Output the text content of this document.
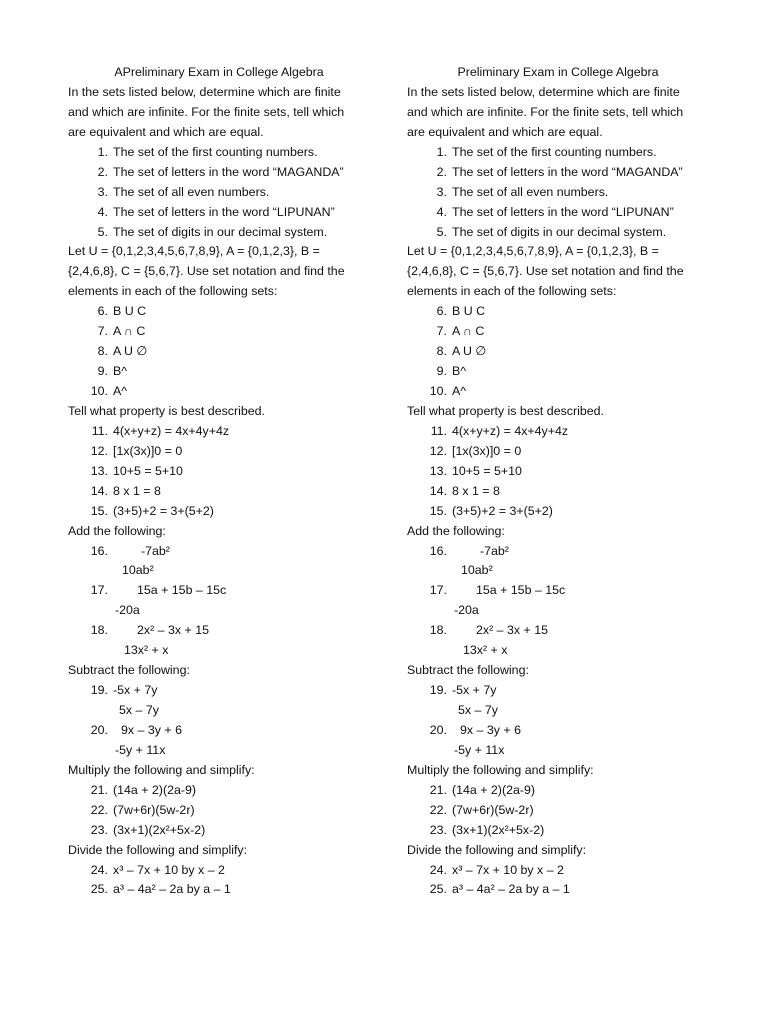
APreliminary Exam in College Algebra
In the sets listed below, determine which are finite
and which are infinite. For the finite sets, tell which
are equivalent and which are equal.
1. The set of the first counting numbers.
2. The set of letters in the word “MAGANDA”
3. The set of all even numbers.
4. The set of letters in the word “LIPUNAN”
5. The set of digits in our decimal system.
Let U = {0,1,2,3,4,5,6,7,8,9}, A = {0,1,2,3}, B =
{2,4,6,8}, C = {5,6,7}. Use set notation and find the
elements in each of the following sets:
6. B U C
7. A ∩ C
8. A U ∅
9. B^
10. A^
Tell what property is best described.
11. 4(x+y+z) = 4x+4y+4z
12. [1x(3x)]0 = 0
13. 10+5 = 5+10
14. 8 x 1 = 8
15. (3+5)+2 = 3+(5+2)
Add the following:
16.	-7ab²
10ab²
17.	15a + 15b – 15c
-20a
18.	2x² – 3x + 15
13x² + x
Subtract the following:
19. -5x + 7y
5x – 7y
20.	9x – 3y + 6
-5y + 11x
Multiply the following and simplify:
21. (14a + 2)(2a-9)
22. (7w+6r)(5w-2r)
23. (3x+1)(2x²+5x-2)
Divide the following and simplify:
24. x³ – 7x + 10 by x – 2
25. a³ – 4a² – 2a by a – 1
Preliminary Exam in College Algebra
In the sets listed below, determine which are finite
and which are infinite. For the finite sets, tell which
are equivalent and which are equal.
1. The set of the first counting numbers.
2. The set of letters in the word “MAGANDA”
3. The set of all even numbers.
4. The set of letters in the word “LIPUNAN”
5. The set of digits in our decimal system.
Let U = {0,1,2,3,4,5,6,7,8,9}, A = {0,1,2,3}, B =
{2,4,6,8}, C = {5,6,7}. Use set notation and find the
elements in each of the following sets:
6. B U C
7. A ∩ C
8. A U ∅
9. B^
10. A^
Tell what property is best described.
11. 4(x+y+z) = 4x+4y+4z
12. [1x(3x)]0 = 0
13. 10+5 = 5+10
14. 8 x 1 = 8
15. (3+5)+2 = 3+(5+2)
Add the following:
16.	-7ab²
10ab²
17.	15a + 15b – 15c
-20a
18.	2x² – 3x + 15
13x² + x
Subtract the following:
19. -5x + 7y
5x – 7y
20.	9x – 3y + 6
-5y + 11x
Multiply the following and simplify:
21. (14a + 2)(2a-9)
22. (7w+6r)(5w-2r)
23. (3x+1)(2x²+5x-2)
Divide the following and simplify:
24. x³ – 7x + 10 by x – 2
25. a³ – 4a² – 2a by a – 1
